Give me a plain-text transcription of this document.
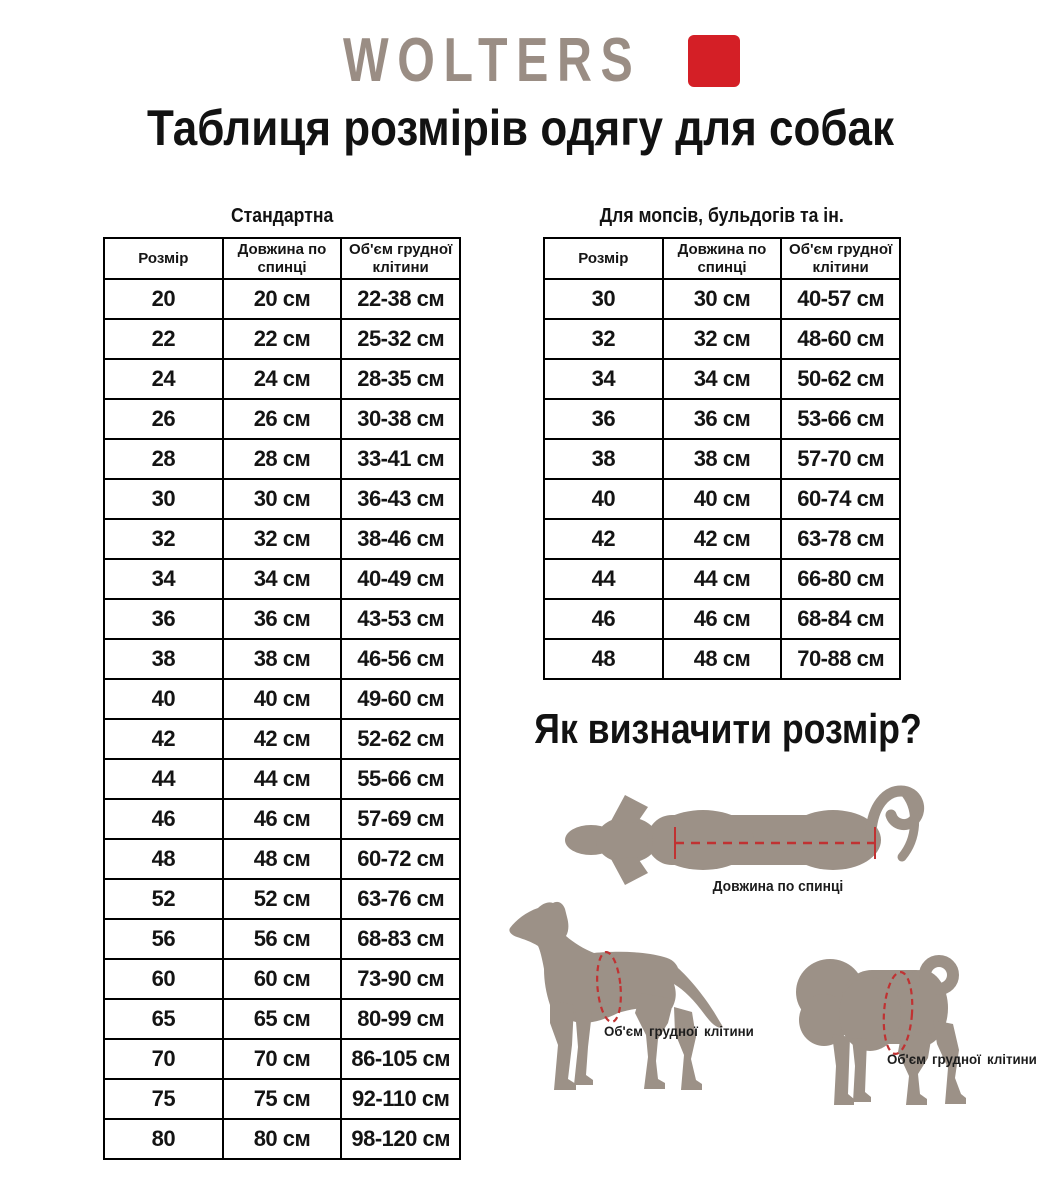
WOLTERS
Таблиця розмірів одягу для собак
Стандартна
Розмір	Довжина по спинці	Об'єм грудної клітини
20	20 см	22-38 см
22	22 см	25-32 см
24	24 см	28-35 см
26	26 см	30-38 см
28	28 см	33-41 см
30	30 см	36-43 см
32	32 см	38-46 см
34	34 см	40-49 см
36	36 см	43-53 см
38	38 см	46-56 см
40	40 см	49-60 см
42	42 см	52-62 см
44	44 см	55-66 см
46	46 см	57-69 см
48	48 см	60-72 см
52	52 см	63-76 см
56	56 см	68-83 см
60	60 см	73-90 см
65	65 см	80-99 см
70	70 см	86-105 см
75	75 см	92-110 см
80	80 см	98-120 см
Для мопсів, бульдогів та ін.
Розмір	Довжина по спинці	Об'єм грудної клітини
30	30 см	40-57 см
32	32 см	48-60 см
34	34 см	50-62 см
36	36 см	53-66 см
38	38 см	57-70 см
40	40 см	60-74 см
42	42 см	63-78 см
44	44 см	66-80 см
46	46 см	68-84 см
48	48 см	70-88 см
Як визначити розмір?
Довжина по спинці
Об'єм грудної клітини
Об'єм грудної клітини
